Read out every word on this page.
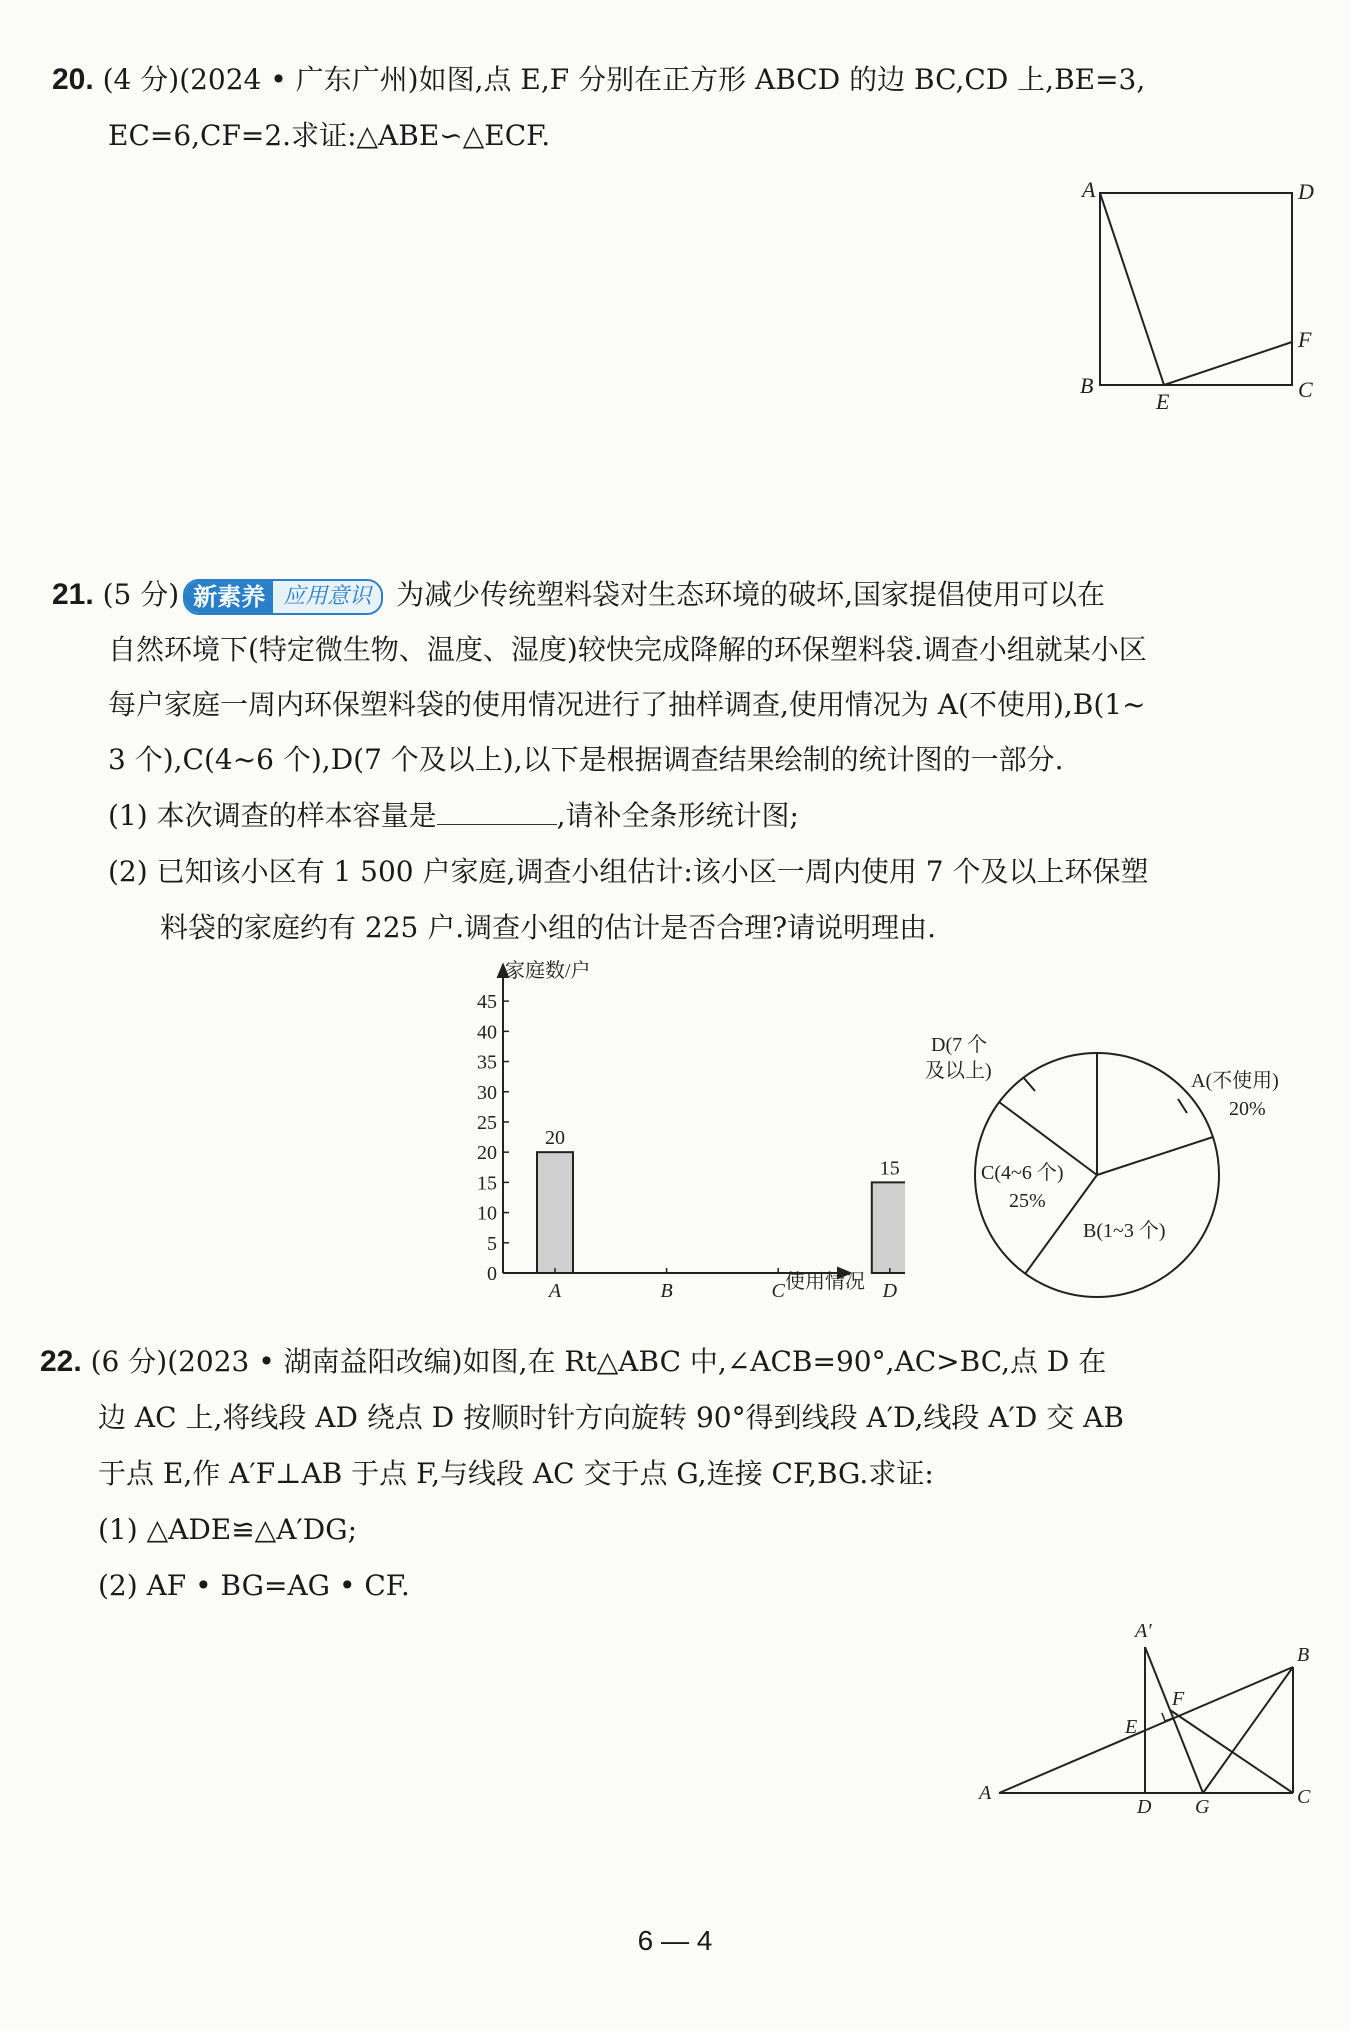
20. (4 分)(2024 • 广东广州)如图,点 E,F 分别在正方形 ABCD 的边 BC,CD 上,BE=3,
EC=6,CF=2.求证:△ABE∽△ECF.
A	D
B	C
E
F
21. (5 分) 新素养 应用意识 为减少传统塑料袋对生态环境的破坏,国家提倡使用可以在
自然环境下(特定微生物、温度、湿度)较快完成降解的环保塑料袋.调查小组就某小区
每户家庭一周内环保塑料袋的使用情况进行了抽样调查,使用情况为 A(不使用),B(1~
3 个),C(4~6 个),D(7 个及以上),以下是根据调查结果绘制的统计图的一部分.
(1) 本次调查的样本容量是	,请补全条形统计图;
(2) 已知该小区有 1 500 户家庭,调查小组估计:该小区一周内使用 7 个及以上环保塑
料袋的家庭约有 225 户.调查小组的估计是否合理?请说明理由.
0
5
10
15
20
25
30
35
40
45
20
15
A	B	C	D
家庭数/户
使用情况
D(7 个
及以上)	A(不使用)
20%
C(4~6 个)
25%
B(1~3 个)
22. (6 分)(2023 • 湖南益阳改编)如图,在 Rt△ABC 中,∠ACB=90°,AC>BC,点 D 在
边 AC 上,将线段 AD 绕点 D 按顺时针方向旋转 90°得到线段 A′D,线段 A′D 交 AB
于点 E,作 A′F⊥AB 于点 F,与线段 AC 交于点 G,连接 CF,BG.求证:
(1) △ADE≌△A′DG;
(2) AF • BG=AG • CF.
A
A′
B
C
D
E
F
G
6 — 4
